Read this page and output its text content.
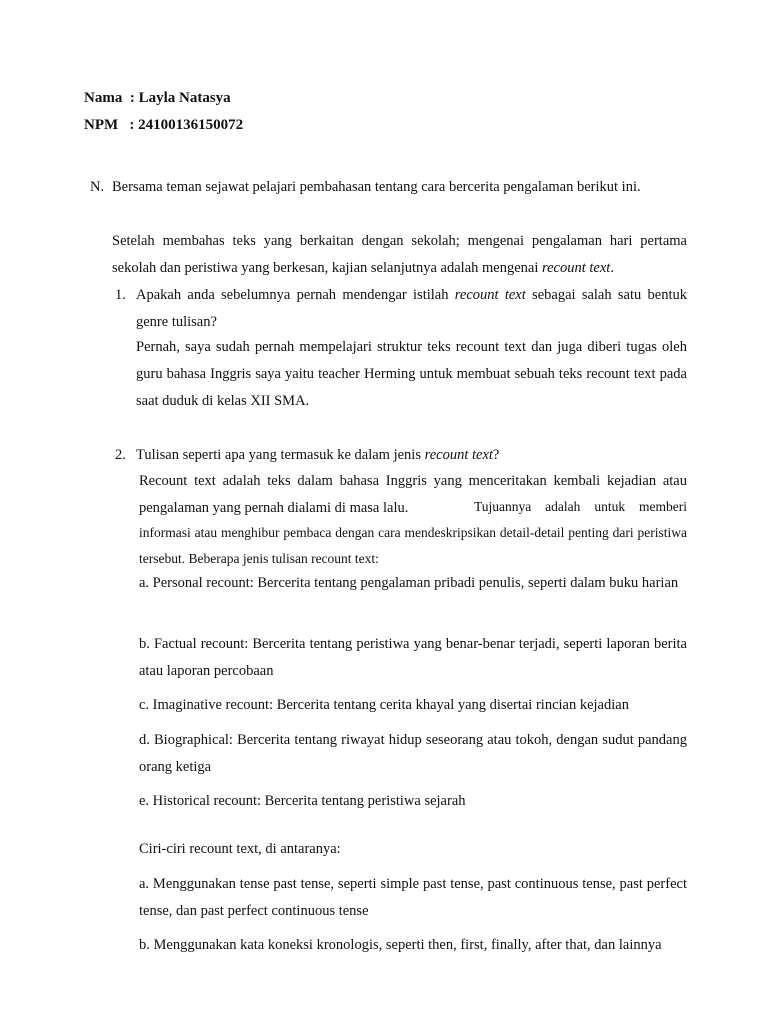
Nama  : Layla Natasya
NPM   : 24100136150072
N. Bersama teman sejawat pelajari pembahasan tentang cara bercerita pengalaman berikut ini.
Setelah membahas teks yang berkaitan dengan sekolah; mengenai pengalaman hari pertama sekolah dan peristiwa yang berkesan, kajian selanjutnya adalah mengenai recount text.
1. Apakah anda sebelumnya pernah mendengar istilah recount text sebagai salah satu bentuk genre tulisan?
Pernah, saya sudah pernah mempelajari struktur teks recount text dan juga diberi tugas oleh guru bahasa Inggris saya yaitu teacher Herming untuk membuat sebuah teks recount text pada saat duduk di kelas XII SMA.
2. Tulisan seperti apa yang termasuk ke dalam jenis recount text?
Recount text adalah teks dalam bahasa Inggris yang menceritakan kembali kejadian atau pengalaman yang pernah dialami di masa lalu.	Tujuannya adalah untuk memberi informasi atau menghibur pembaca dengan cara mendeskripsikan detail-detail penting dari peristiwa tersebut. Beberapa jenis tulisan recount text:
a. Personal recount: Bercerita tentang pengalaman pribadi penulis, seperti dalam buku harian
b. Factual recount: Bercerita tentang peristiwa yang benar-benar terjadi, seperti laporan berita atau laporan percobaan
c. Imaginative recount: Bercerita tentang cerita khayal yang disertai rincian kejadian
d. Biographical: Bercerita tentang riwayat hidup seseorang atau tokoh, dengan sudut pandang orang ketiga
e. Historical recount: Bercerita tentang peristiwa sejarah
Ciri-ciri recount text, di antaranya:
a. Menggunakan tense past tense, seperti simple past tense, past continuous tense, past perfect tense, dan past perfect continuous tense
b. Menggunakan kata koneksi kronologis, seperti then, first, finally, after that, dan lainnya
